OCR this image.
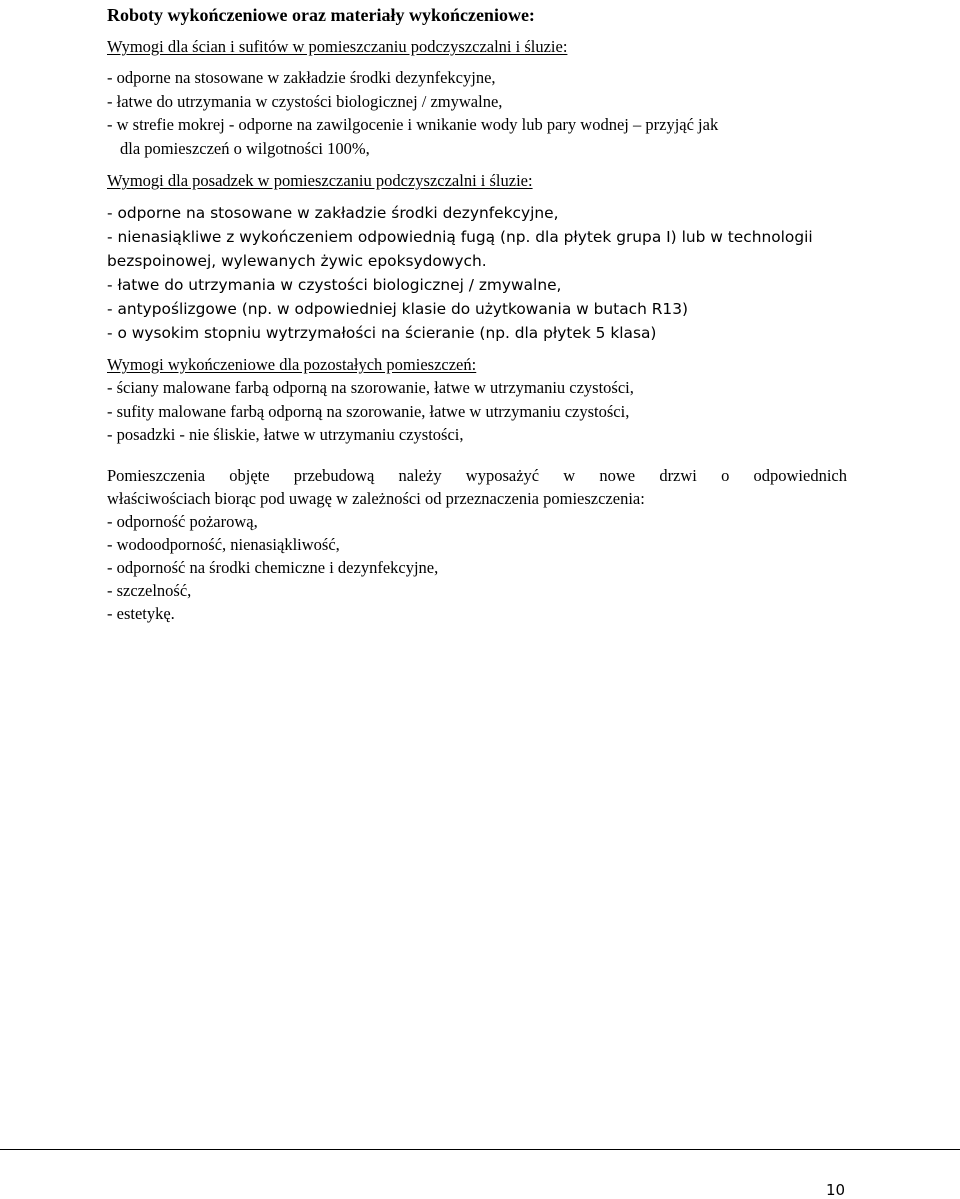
Roboty wykończeniowe oraz materiały wykończeniowe:
Wymogi dla ścian i sufitów w pomieszczaniu podczyszczalni i śluzie:
- odporne na stosowane w zakładzie środki dezynfekcyjne,
- łatwe do utrzymania w czystości biologicznej / zmywalne,
- w strefie mokrej - odporne na zawilgocenie i wnikanie wody lub pary wodnej – przyjąć jak
dla pomieszczeń o wilgotności 100%,
Wymogi dla posadzek w pomieszczaniu podczyszczalni i śluzie:
- odporne na stosowane w zakładzie środki dezynfekcyjne,
- nienasiąkliwe z wykończeniem odpowiednią fugą (np. dla płytek grupa I) lub w technologii
bezspoinowej, wylewanych żywic epoksydowych.
- łatwe do utrzymania w czystości biologicznej / zmywalne,
- antypoślizgowe (np. w odpowiedniej klasie do użytkowania w butach R13)
- o wysokim stopniu wytrzymałości na ścieranie (np. dla płytek 5 klasa)
Wymogi wykończeniowe dla pozostałych pomieszczeń:
- ściany malowane farbą odporną na szorowanie, łatwe w utrzymaniu czystości,
- sufity malowane farbą odporną na szorowanie, łatwe w utrzymaniu czystości,
- posadzki - nie śliskie, łatwe w utrzymaniu czystości,
Pomieszczenia objęte przebudową należy wyposażyć w nowe drzwi o odpowiednich
właściwościach biorąc pod uwagę w zależności od przeznaczenia pomieszczenia:
- odporność pożarową,
- wodoodporność, nienasiąkliwość,
- odporność na środki chemiczne i dezynfekcyjne,
- szczelność,
- estetykę.
10
